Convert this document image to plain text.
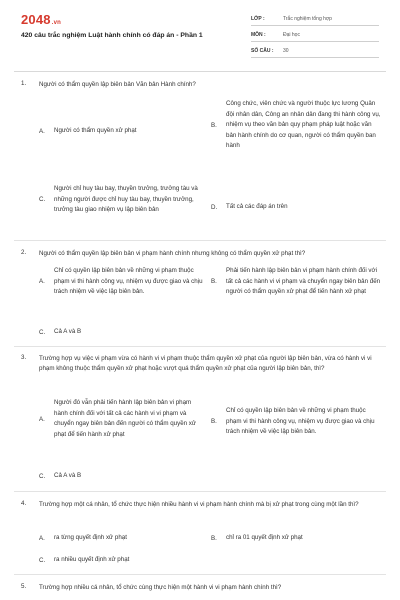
2048.vn
420 câu trắc nghiệm Luật hành chính có đáp án - Phần 1
LỚP :	Trắc nghiệm tổng hợp
MÔN :	Đại học
SỐ CÂU :	30
1. Người có thẩm quyền lập biên bản Văn bản Hành chính?
A.	Người có thẩm quyền xử phạt
B.
Công chức, viên chức và người thuộc lực lương Quân đội nhân dân, Công an nhân dân đang thi hành công vụ, nhiệm vụ theo văn bản quy phạm pháp luật hoặc văn bản hành chính do cơ quan, người có thẩm quyền ban hành
C.
Người chỉ huy tàu bay, thuyền trưởng, trưởng tàu và những người được chỉ huy tàu bay, thuyền trưởng, trưởng tàu giao nhiệm vụ lập biên bản	D.	Tất cả các đáp án trên
2. Người có thẩm quyền lập biên bản vi phạm hành chính nhưng không có thẩm quyền xử phạt thì?
A.
Chỉ có quyền lập biên bản về những vi phạm thuộc phạm vi thi hành công vụ, nhiệm vụ được giao và chịu trách nhiệm về việc lập biên bản.
B.
Phải tiến hành lập biên bản vi phạm hành chính đối với tất cả các hành vi vi phạm và chuyển ngay biên bản đến người có thẩm quyền xử phạt để tiến hành xử phạt
C.	Cả A và B
3. Trường hợp vụ việc vi phạm vừa có hành vi vi phạm thuộc thẩm quyền xử phạt của người lập biên bản, vừa có hành vi vi phạm không thuộc thẩm quyền xử phạt hoặc vượt quá thẩm quyền xử phạt của người lập biên bản, thì?
A.
Người đó vẫn phải tiến hành lập biên bản vi phạm hành chính đối với tất cả các hành vi vi phạm và chuyển ngay biên bản đến người có thẩm quyền xử phạt để tiến hành xử phạt
B.
Chỉ có quyền lập biên bản về những vi phạm thuộc phạm vi thi hành công vụ, nhiệm vụ được giao và chịu trách nhiệm về việc lập biên bản.
C.	Cả A và B
4. Trường hợp một cá nhân, tổ chức thực hiện nhiều hành vi vi phạm hành chính mà bị xử phạt trong cùng một lần thì?
A.	ra từng quyết định xử phạt	B.	chỉ ra 01 quyết định xử phạt
C.	ra nhiều quyết định xử phạt
5. Trường hợp nhiều cá nhân, tổ chức cùng thực hiện một hành vi vi phạm hành chính thì?
